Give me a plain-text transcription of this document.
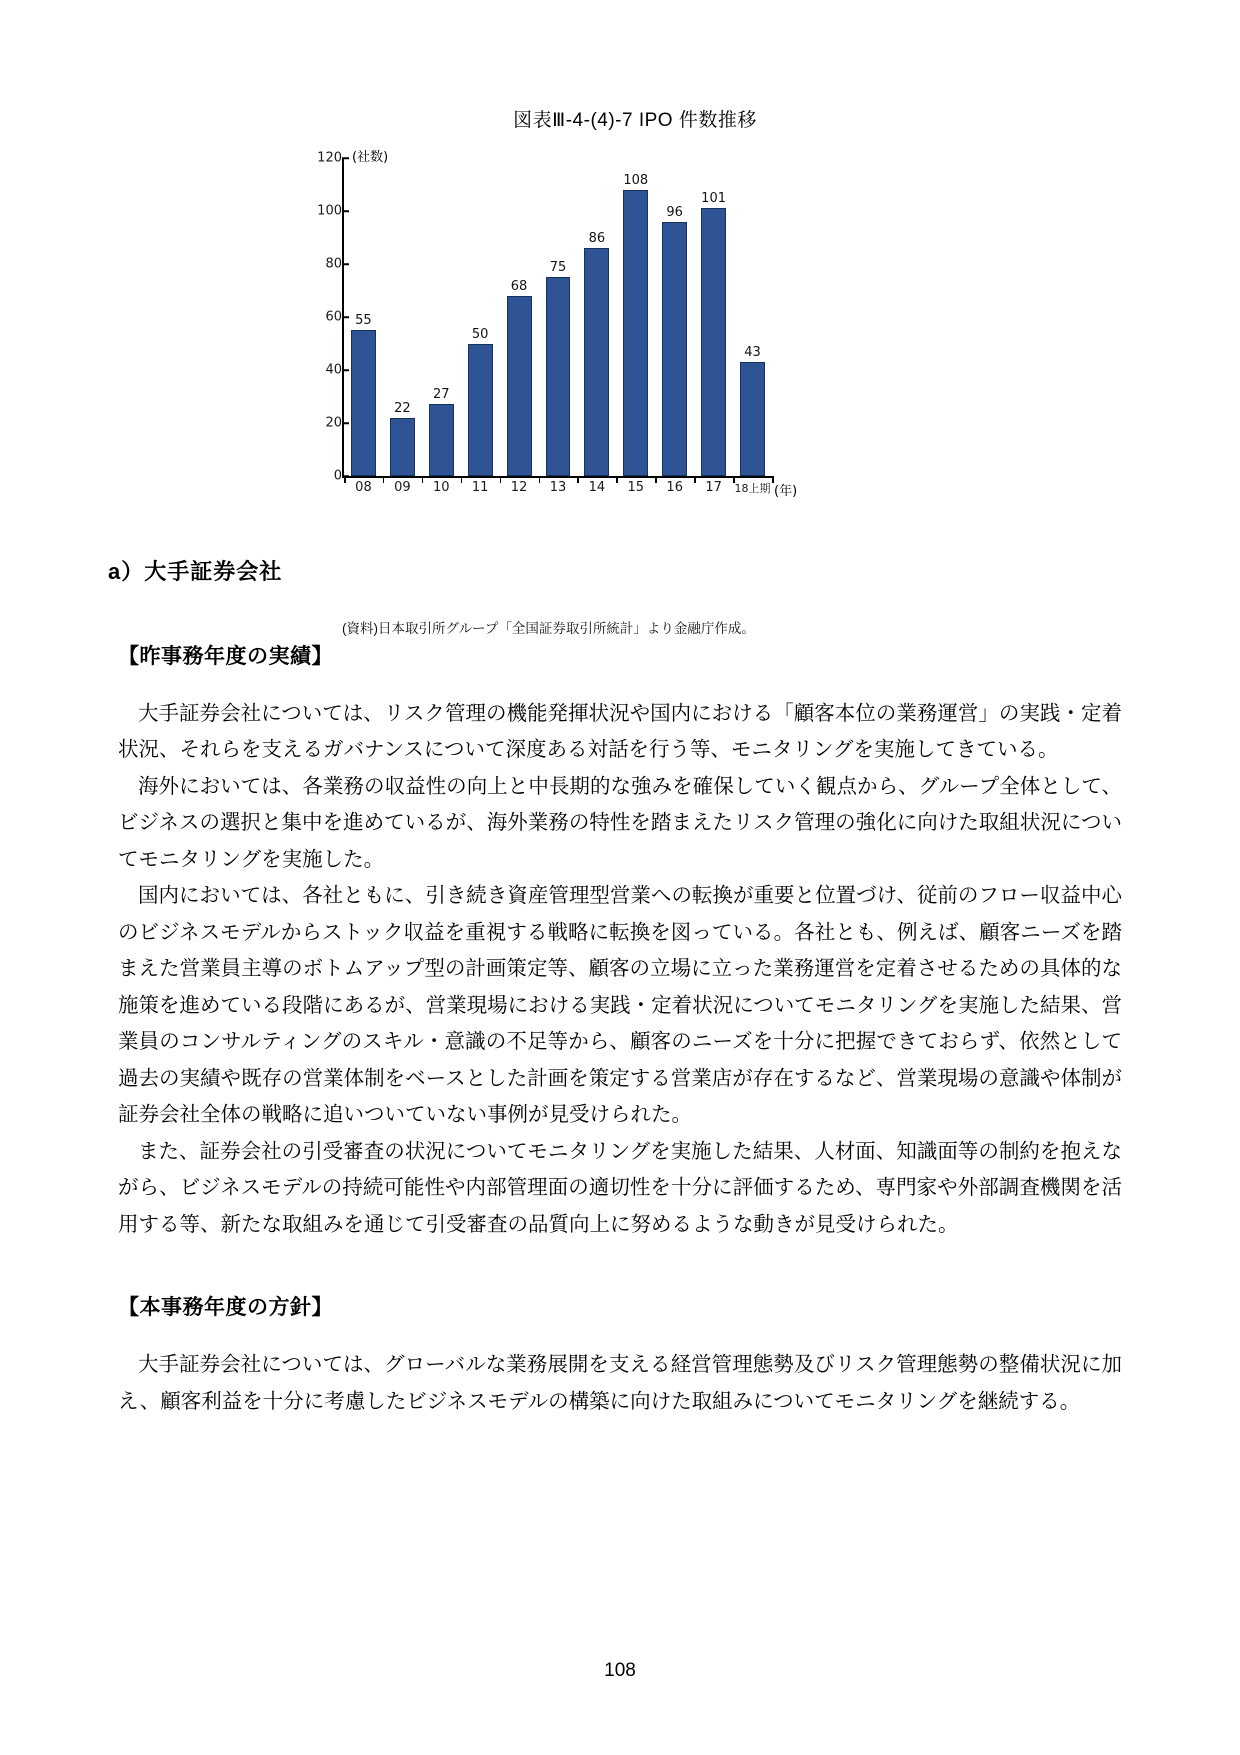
図表Ⅲ-4-(4)-7 IPO 件数推移
(社数)
0
20
40
60
80
100
120
55
22
27
50
68
75
86
108
96
101
43
08	09	10	11	12	13	14	15	16	17	18上期 (年)
(資料)日本取引所グループ「全国証券取引所統計」より金融庁作成。
a）大手証券会社
【昨事務年度の実績】

大手証券会社については、リスク管理の機能発揮状況や国内における「顧客本位の業務運営」の実践・定着状況、それらを支えるガバナンスについて深度ある対話を行う等、モニタリングを実施してきている。

海外においては、各業務の収益性の向上と中長期的な強みを確保していく観点から、グループ全体として、ビジネスの選択と集中を進めているが、海外業務の特性を踏まえたリスク管理の強化に向けた取組状況についてモニタリングを実施した。

国内においては、各社ともに、引き続き資産管理型営業への転換が重要と位置づけ、従前のフロー収益中心のビジネスモデルからストック収益を重視する戦略に転換を図っている。各社とも、例えば、顧客ニーズを踏まえた営業員主導のボトムアップ型の計画策定等、顧客の立場に立った業務運営を定着させるための具体的な施策を進めている段階にあるが、営業現場における実践・定着状況についてモニタリングを実施した結果、営業員のコンサルティングのスキル・意識の不足等から、顧客のニーズを十分に把握できておらず、依然として過去の実績や既存の営業体制をベースとした計画を策定する営業店が存在するなど、営業現場の意識や体制が証券会社全体の戦略に追いついていない事例が見受けられた。

また、証券会社の引受審査の状況についてモニタリングを実施した結果、人材面、知識面等の制約を抱えながら、ビジネスモデルの持続可能性や内部管理面の適切性を十分に評価するため、専門家や外部調査機関を活用する等、新たな取組みを通じて引受審査の品質向上に努めるような動きが見受けられた。

【本事務年度の方針】

大手証券会社については、グローバルな業務展開を支える経営管理態勢及びリスク管理態勢の整備状況に加え、顧客利益を十分に考慮したビジネスモデルの構築に向けた取組みについてモニタリングを継続する。

108
